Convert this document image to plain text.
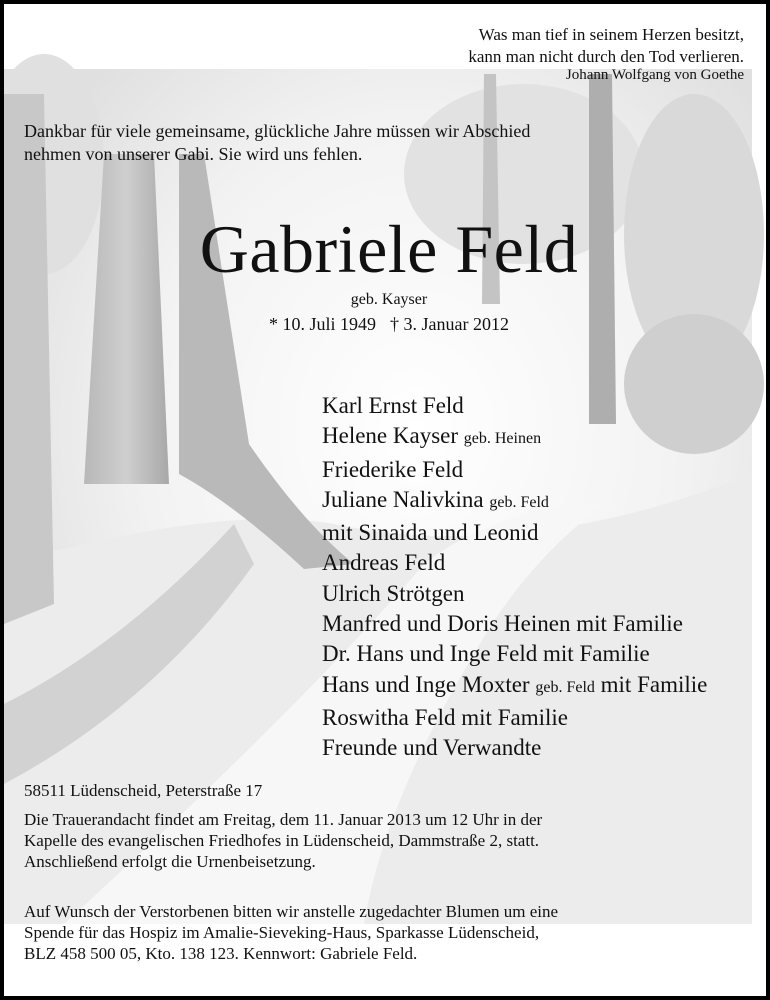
Was man tief in seinem Herzen besitzt,
kann man nicht durch den Tod verlieren.
Johann Wolfgang von Goethe
Dankbar für viele gemeinsame, glückliche Jahre müssen wir Abschied
nehmen von unserer Gabi. Sie wird uns fehlen.
Gabriele Feld
geb. Kayser
* 10. Juli 1949 † 3. Januar 2012
Karl Ernst Feld
Helene Kayser geb. Heinen
Friederike Feld
Juliane Nalivkina geb. Feld
mit Sinaida und Leonid
Andreas Feld
Ulrich Strötgen
Manfred und Doris Heinen mit Familie
Dr. Hans und Inge Feld mit Familie
Hans und Inge Moxter geb. Feld mit Familie
Roswitha Feld mit Familie
Freunde und Verwandte
58511 Lüdenscheid, Peterstraße 17
Die Trauerandacht findet am Freitag, dem 11. Januar 2013 um 12 Uhr in der
Kapelle des evangelischen Friedhofes in Lüdenscheid, Dammstraße 2, statt.
Anschließend erfolgt die Urnenbeisetzung.
Auf Wunsch der Verstorbenen bitten wir anstelle zugedachter Blumen um eine
Spende für das Hospiz im Amalie-Sieveking-Haus, Sparkasse Lüdenscheid,
BLZ 458 500 05, Kto. 138 123. Kennwort: Gabriele Feld.
